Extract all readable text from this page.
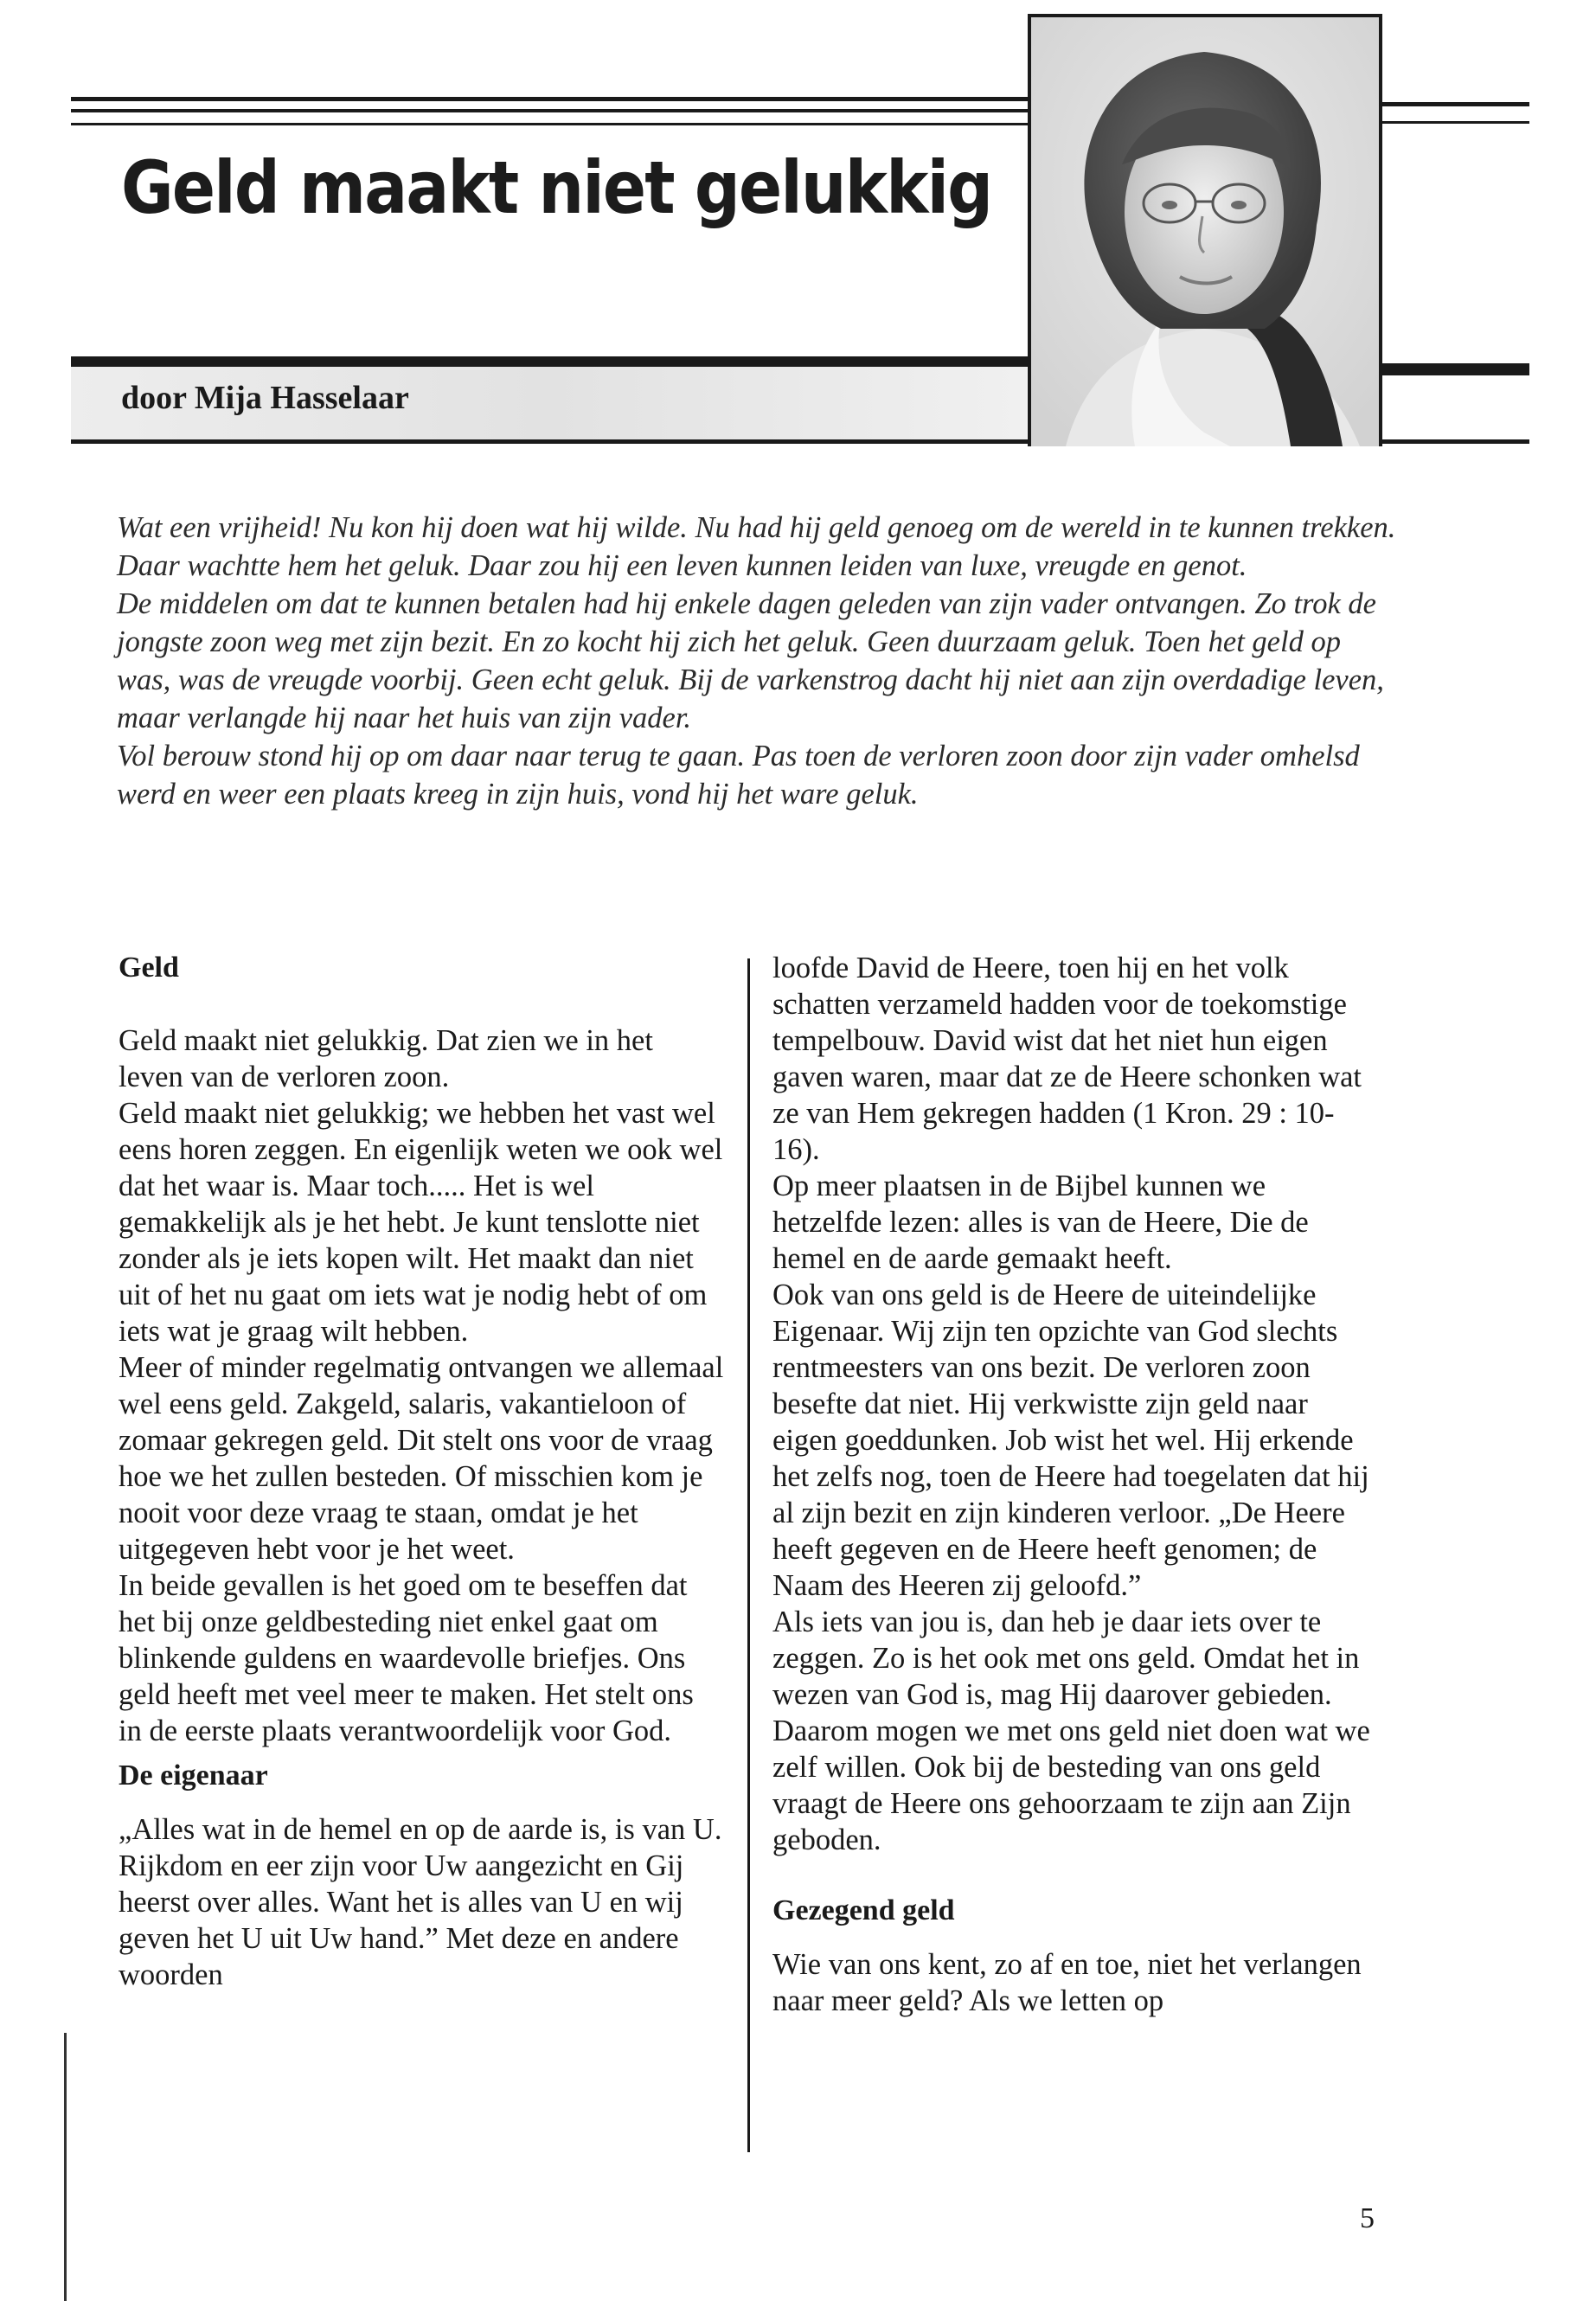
Geld maakt niet gelukkig
door Mija Hasselaar

Wat een vrijheid! Nu kon hij doen wat hij wilde. Nu had hij geld genoeg om de wereld in te kunnen trekken. Daar wachtte hem het geluk. Daar zou hij een leven kunnen leiden van luxe, vreugde en genot.

De middelen om dat te kunnen betalen had hij enkele dagen geleden van zijn vader ontvangen. Zo trok de jongste zoon weg met zijn bezit. En zo kocht hij zich het geluk. Geen duurzaam geluk. Toen het geld op was, was de vreugde voorbij. Geen echt geluk. Bij de varkenstrog dacht hij niet aan zijn overdadige leven, maar verlangde hij naar het huis van zijn vader.

Vol berouw stond hij op om daar naar terug te gaan. Pas toen de verloren zoon door zijn vader omhelsd werd en weer een plaats kreeg in zijn huis, vond hij het ware geluk.

Geld

Geld maakt niet gelukkig. Dat zien we in het leven van de verloren zoon.

Geld maakt niet gelukkig; we hebben het vast wel eens horen zeggen. En eigenlijk weten we ook wel dat het waar is. Maar toch..... Het is wel gemakkelijk als je het hebt. Je kunt tenslotte niet zonder als je iets kopen wilt. Het maakt dan niet uit of het nu gaat om iets wat je nodig hebt of om iets wat je graag wilt hebben.

Meer of minder regelmatig ontvangen we allemaal wel eens geld. Zakgeld, salaris, vakantieloon of zomaar gekregen geld. Dit stelt ons voor de vraag hoe we het zullen besteden. Of misschien kom je nooit voor deze vraag te staan, omdat je het uitgegeven hebt voor je het weet.

In beide gevallen is het goed om te beseffen dat het bij onze geldbesteding niet enkel gaat om blinkende guldens en waardevolle briefjes. Ons geld heeft met veel meer te maken. Het stelt ons in de eerste plaats verantwoordelijk voor God.

De eigenaar

„Alles wat in de hemel en op de aarde is, is van U. Rijkdom en eer zijn voor Uw aangezicht en Gij heerst over alles. Want het is alles van U en wij geven het U uit Uw hand.” Met deze en andere woorden

loofde David de Heere, toen hij en het volk schatten verzameld hadden voor de toekomstige tempelbouw. David wist dat het niet hun eigen gaven waren, maar dat ze de Heere schonken wat ze van Hem gekregen hadden (1 Kron. 29 : 10-16).

Op meer plaatsen in de Bijbel kunnen we hetzelfde lezen: alles is van de Heere, Die de hemel en de aarde gemaakt heeft.

Ook van ons geld is de Heere de uiteindelijke Eigenaar. Wij zijn ten opzichte van God slechts rentmeesters van ons bezit. De verloren zoon besefte dat niet. Hij verkwistte zijn geld naar eigen goeddunken. Job wist het wel. Hij erkende het zelfs nog, toen de Heere had toegelaten dat hij al zijn bezit en zijn kinderen verloor. „De Heere heeft gegeven en de Heere heeft genomen; de Naam des Heeren zij geloofd.”

Als iets van jou is, dan heb je daar iets over te zeggen. Zo is het ook met ons geld. Omdat het in wezen van God is, mag Hij daarover gebieden. Daarom mogen we met ons geld niet doen wat we zelf willen. Ook bij de besteding van ons geld vraagt de Heere ons gehoorzaam te zijn aan Zijn geboden.

Gezegend geld

Wie van ons kent, zo af en toe, niet het verlangen naar meer geld? Als we letten op

5
